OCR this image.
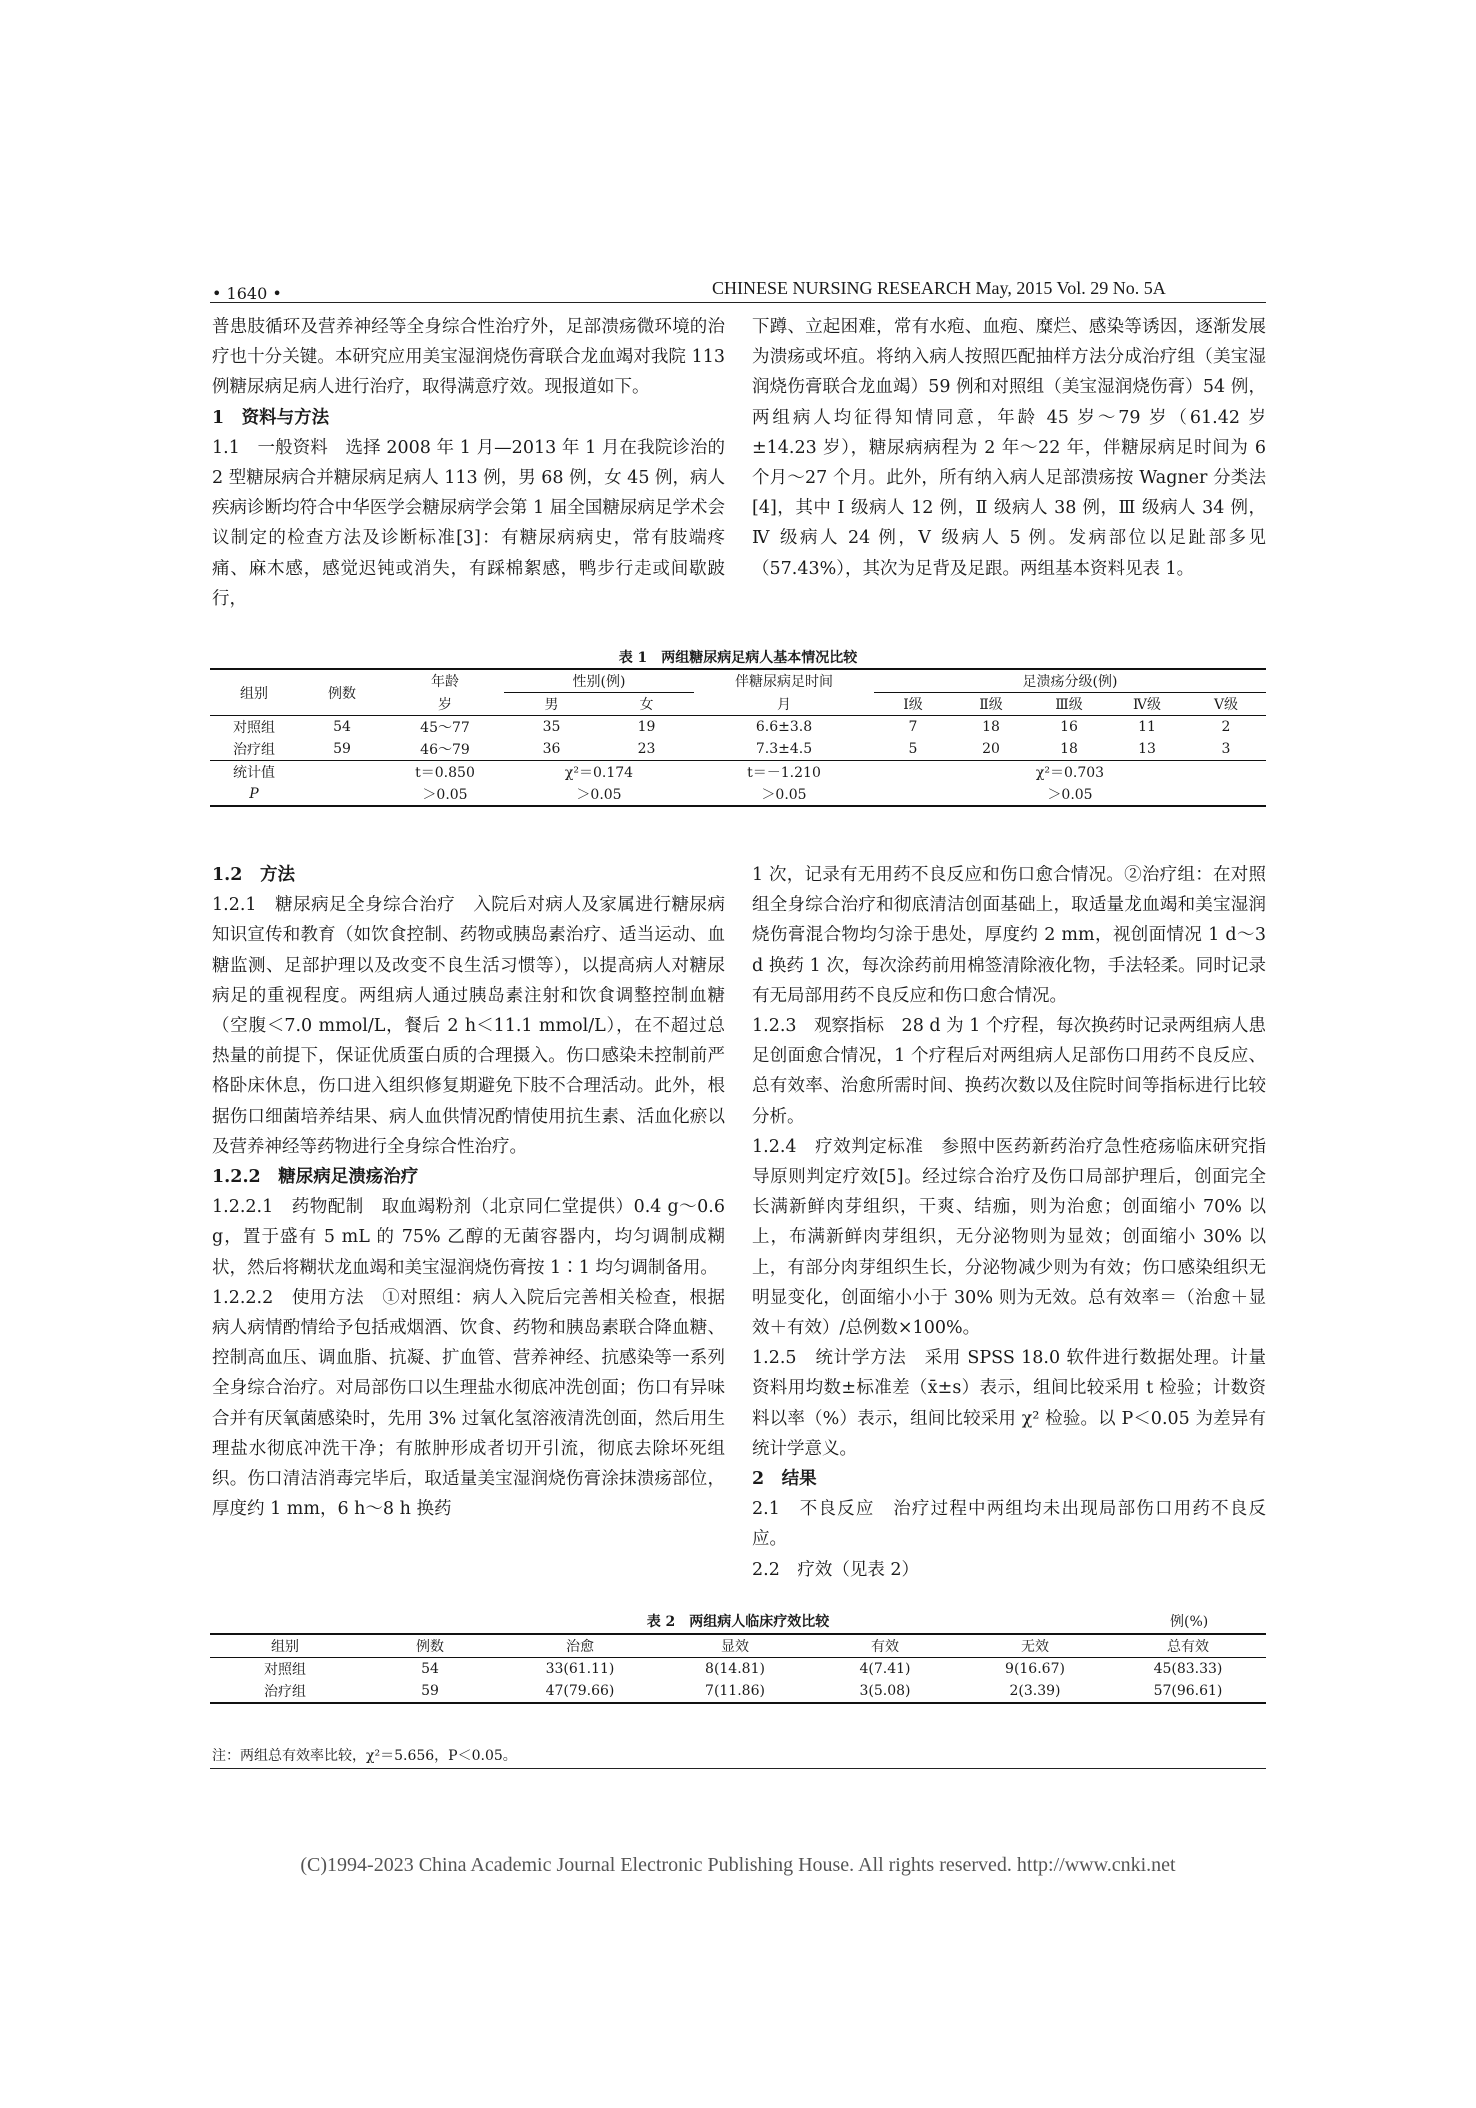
• 1640 •	CHINESE NURSING RESEARCH May, 2015 Vol. 29 No. 5A

普患肢循环及营养神经等全身综合性治疗外，足部溃疡微环境的治疗也十分关键。本研究应用美宝湿润烧伤膏联合龙血竭对我院 113 例糖尿病足病人进行治疗，取得满意疗效。现报道如下。

1　资料与方法

1.1　一般资料　选择 2008 年 1 月—2013 年 1 月在我院诊治的 2 型糖尿病合并糖尿病足病人 113 例，男 68 例，女 45 例，病人疾病诊断均符合中华医学会糖尿病学会第 1 届全国糖尿病足学术会议制定的检查方法及诊断标准[3]：有糖尿病病史，常有肢端疼痛、麻木感，感觉迟钝或消失，有踩棉絮感，鸭步行走或间歇跛行，

下蹲、立起困难，常有水疱、血疱、糜烂、感染等诱因，逐渐发展为溃疡或坏疽。将纳入病人按照匹配抽样方法分成治疗组（美宝湿润烧伤膏联合龙血竭）59 例和对照组（美宝湿润烧伤膏）54 例，两组病人均征得知情同意，年龄 45 岁～79 岁（61.42 岁±14.23 岁），糖尿病病程为 2 年～22 年，伴糖尿病足时间为 6 个月～27 个月。此外，所有纳入病人足部溃疡按 Wagner 分类法[4]，其中 Ⅰ 级病人 12 例，Ⅱ 级病人 38 例，Ⅲ 级病人 34 例，Ⅳ 级病人 24 例，Ⅴ 级病人 5 例。发病部位以足趾部多见（57.43%），其次为足背及足跟。两组基本资料见表 1。

表 1　两组糖尿病足病人基本情况比较
组别	例数	年龄	性别(例)		伴糖尿病足时间	足溃疡分级(例)				
		岁	男	女	月	Ⅰ级	Ⅱ级	Ⅲ级	Ⅳ级	Ⅴ级
对照组	54	45～77	35	19	6.6±3.8	7	18	16	11	2
治疗组	59	46～79	36	23	7.3±4.5	5	20	18	13	3
统计值		t＝0.850	χ²＝0.174		t＝－1.210	χ²＝0.703				
P		＞0.05	＞0.05		＞0.05	＞0.05				

1.2　方法

1.2.1　糖尿病足全身综合治疗　入院后对病人及家属进行糖尿病知识宣传和教育（如饮食控制、药物或胰岛素治疗、适当运动、血糖监测、足部护理以及改变不良生活习惯等），以提高病人对糖尿病足的重视程度。两组病人通过胰岛素注射和饮食调整控制血糖（空腹＜7.0 mmol/L，餐后 2 h＜11.1 mmol/L），在不超过总热量的前提下，保证优质蛋白质的合理摄入。伤口感染未控制前严格卧床休息，伤口进入组织修复期避免下肢不合理活动。此外，根据伤口细菌培养结果、病人血供情况酌情使用抗生素、活血化瘀以及营养神经等药物进行全身综合性治疗。

1.2.2　糖尿病足溃疡治疗

1.2.2.1　药物配制　取血竭粉剂（北京同仁堂提供）0.4 g～0.6 g，置于盛有 5 mL 的 75% 乙醇的无菌容器内，均匀调制成糊状，然后将糊状龙血竭和美宝湿润烧伤膏按 1∶1 均匀调制备用。

1.2.2.2　使用方法　①对照组：病人入院后完善相关检查，根据病人病情酌情给予包括戒烟酒、饮食、药物和胰岛素联合降血糖、控制高血压、调血脂、抗凝、扩血管、营养神经、抗感染等一系列全身综合治疗。对局部伤口以生理盐水彻底冲洗创面；伤口有异味合并有厌氧菌感染时，先用 3% 过氧化氢溶液清洗创面，然后用生理盐水彻底冲洗干净；有脓肿形成者切开引流，彻底去除坏死组织。伤口清洁消毒完毕后，取适量美宝湿润烧伤膏涂抹溃疡部位，厚度约 1 mm，6 h～8 h 换药

1 次，记录有无用药不良反应和伤口愈合情况。②治疗组：在对照组全身综合治疗和彻底清洁创面基础上，取适量龙血竭和美宝湿润烧伤膏混合物均匀涂于患处，厚度约 2 mm，视创面情况 1 d～3 d 换药 1 次，每次涂药前用棉签清除液化物，手法轻柔。同时记录有无局部用药不良反应和伤口愈合情况。

1.2.3　观察指标　28 d 为 1 个疗程，每次换药时记录两组病人患足创面愈合情况，1 个疗程后对两组病人足部伤口用药不良反应、总有效率、治愈所需时间、换药次数以及住院时间等指标进行比较分析。

1.2.4　疗效判定标准　参照中医药新药治疗急性疮疡临床研究指导原则判定疗效[5]。经过综合治疗及伤口局部护理后，创面完全长满新鲜肉芽组织，干爽、结痂，则为治愈；创面缩小 70% 以上，布满新鲜肉芽组织，无分泌物则为显效；创面缩小 30% 以上，有部分肉芽组织生长，分泌物减少则为有效；伤口感染组织无明显变化，创面缩小小于 30% 则为无效。总有效率＝（治愈＋显效＋有效）/总例数×100%。

1.2.5　统计学方法　采用 SPSS 18.0 软件进行数据处理。计量资料用均数±标准差（x̄±s）表示，组间比较采用 t 检验；计数资料以率（%）表示，组间比较采用 χ² 检验。以 P＜0.05 为差异有统计学意义。

2　结果

2.1　不良反应　治疗过程中两组均未出现局部伤口用药不良反应。

2.2　疗效（见表 2）

表 2　两组病人临床疗效比较	例(%)
组别	例数	治愈	显效	有效	无效	总有效
对照组	54	33(61.11)	8(14.81)	4(7.41)	9(16.67)	45(83.33)
治疗组	59	47(79.66)	7(11.86)	3(5.08)	2(3.39)	57(96.61)
注：两组总有效率比较，χ²＝5.656，P＜0.05。
(C)1994-2023 China Academic Journal Electronic Publishing House. All rights reserved. http://www.cnki.net
